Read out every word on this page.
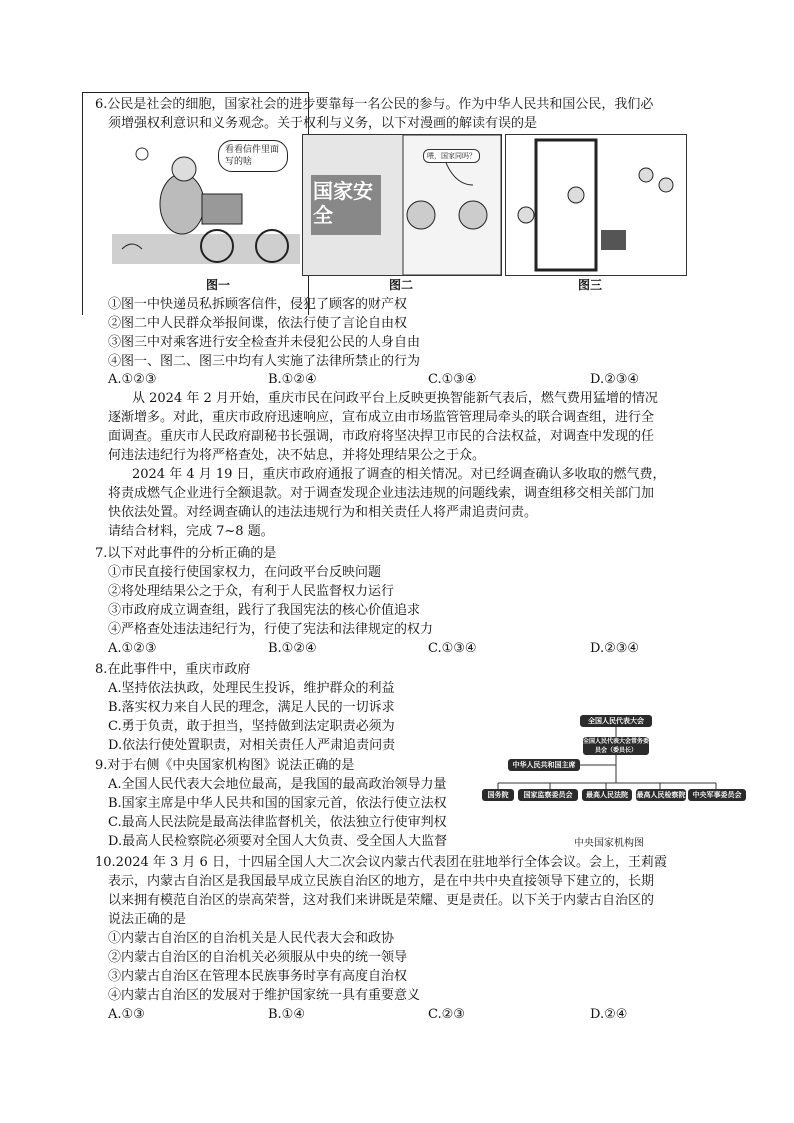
6.公民是社会的细胞，国家社会的进步要靠每一名公民的参与。作为中华人民共和国公民，我们必
须增强权利意识和义务观念。关于权利与义务，以下对漫画的解读有误的是
看看信件里面写的啥
图一
国家安全
喂，国家同吗？
图二	图三
①图一中快递员私拆顾客信件，侵犯了顾客的财产权
②图二中人民群众举报间谍，依法行使了言论自由权
③图三中对乘客进行安全检查并未侵犯公民的人身自由
④图一、图二、图三中均有人实施了法律所禁止的行为
A.①②③	B.①②④	C.①③④	D.②③④
从 2024 年 2 月开始，重庆市民在问政平台上反映更换智能新气表后，燃气费用猛增的情况
逐渐增多。对此，重庆市政府迅速响应，宣布成立由市场监管管理局牵头的联合调查组，进行全
面调查。重庆市人民政府副秘书长强调，市政府将坚决捍卫市民的合法权益，对调查中发现的任
何违法违纪行为将严格查处，决不姑息，并将处理结果公之于众。
2024 年 4 月 19 日，重庆市政府通报了调查的相关情况。对已经调查确认多收取的燃气费，
将责成燃气企业进行全额退款。对于调查发现企业违法违规的问题线索，调查组移交相关部门加
快依法处置。对经调查确认的违法违规行为和相关责任人将严肃追责问责。
请结合材料，完成 7~8 题。
7.以下对此事件的分析正确的是
①市民直接行使国家权力，在问政平台反映问题
②将处理结果公之于众，有利于人民监督权力运行
③市政府成立调查组，践行了我国宪法的核心价值追求
④严格查处违法违纪行为，行使了宪法和法律规定的权力
A.①②③	B.①②④	C.①③④	D.②③④
8.在此事件中，重庆市政府
A.坚持依法执政，处理民生投诉，维护群众的利益
B.落实权力来自人民的理念，满足人民的一切诉求
C.勇于负责，敢于担当，坚持做到法定职责必须为
D.依法行使处置职责，对相关责任人严肃追责问责
9.对于右侧《中央国家机构图》说法正确的是
A.全国人民代表大会地位最高，是我国的最高政治领导力量
B.国家主席是中华人民共和国的国家元首，依法行使立法权
C.最高人民法院是最高法律监督机关，依法独立行使审判权
D.最高人民检察院必须要对全国人大负责、受全国人大监督
全国人民代表大会
全国人民代表大会常务委员会（委员长）
中华人民共和国主席
国务院	国家监察委员会	最高人民法院	最高人民检察院	中央军事委员会
中央国家机构图
10.2024 年 3 月 6 日，十四届全国人大二次会议内蒙古代表团在驻地举行全体会议。会上，王莉霞
表示，内蒙古自治区是我国最早成立民族自治区的地方，是在中共中央直接领导下建立的，长期
以来拥有模范自治区的崇高荣誉，这对我们来讲既是荣耀、更是责任。以下关于内蒙古自治区的
说法正确的是
①内蒙古自治区的自治机关是人民代表大会和政协
②内蒙古自治区的自治机关必须服从中央的统一领导
③内蒙古自治区在管理本民族事务时享有高度自治权
④内蒙古自治区的发展对于维护国家统一具有重要意义
A.①③	B.①④	C.②③	D.②④
